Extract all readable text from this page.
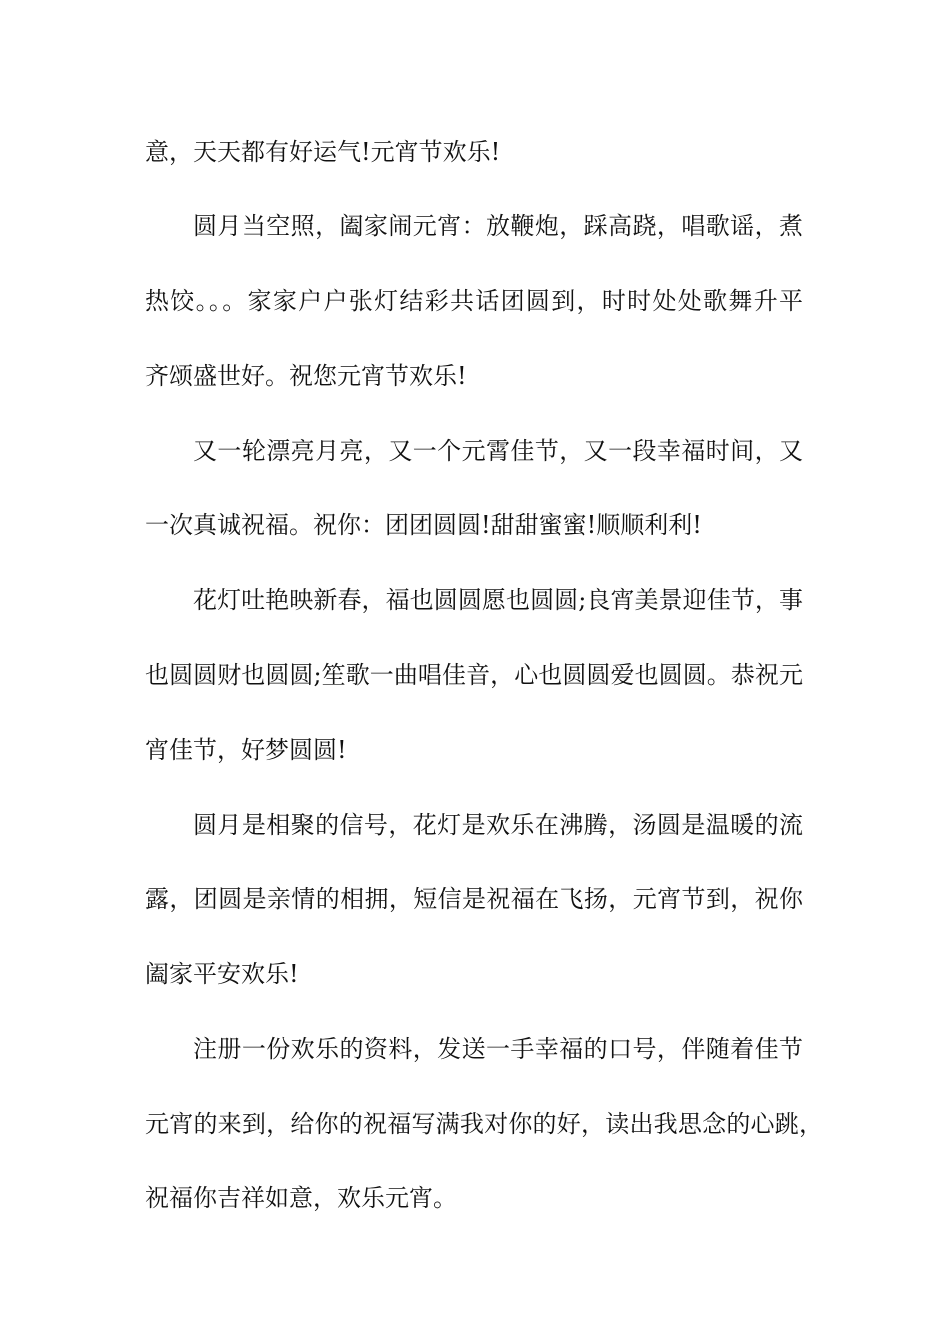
意，天天都有好运气!元宵节欢乐!
圆月当空照，阖家闹元宵：放鞭炮，踩高跷，唱歌谣，煮
热饺。。。家家户户张灯结彩共话团圆到，时时处处歌舞升平
齐颂盛世好。祝您元宵节欢乐!
又一轮漂亮月亮，又一个元霄佳节，又一段幸福时间，又
一次真诚祝福。祝你：团团圆圆!甜甜蜜蜜!顺顺利利!
花灯吐艳映新春，福也圆圆愿也圆圆;良宵美景迎佳节，事
也圆圆财也圆圆;笙歌一曲唱佳音，心也圆圆爱也圆圆。恭祝元
宵佳节，好梦圆圆!
圆月是相聚的信号，花灯是欢乐在沸腾，汤圆是温暖的流
露，团圆是亲情的相拥，短信是祝福在飞扬，元宵节到，祝你
阖家平安欢乐!
注册一份欢乐的资料，发送一手幸福的口号，伴随着佳节
元宵的来到，给你的祝福写满我对你的好，读出我思念的心跳，
祝福你吉祥如意，欢乐元宵。
